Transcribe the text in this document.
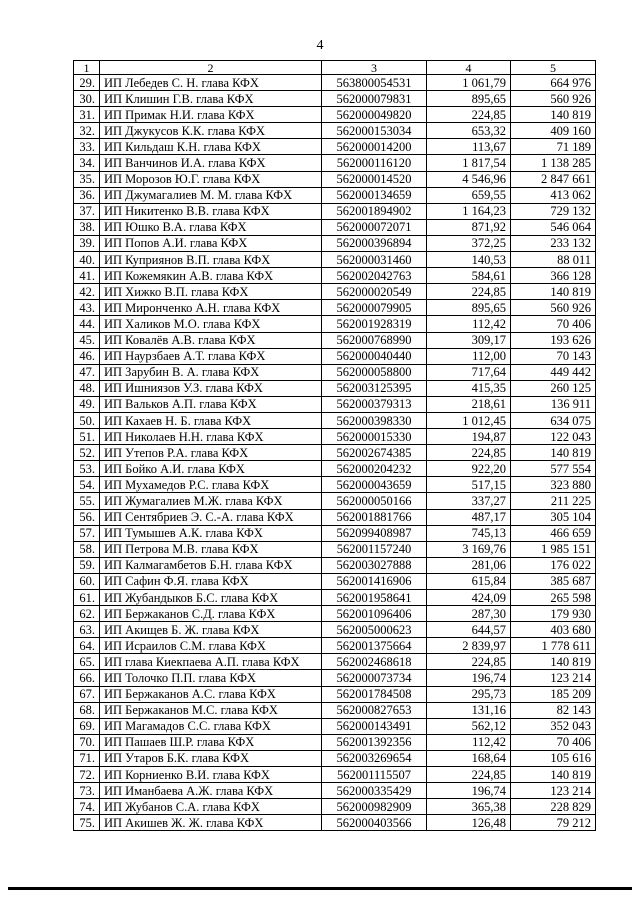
4
1	2	3	4	5
29.	ИП Лебедев С. Н. глава КФХ	563800054531	1 061,79	664 976
30.	ИП Клишин Г.В. глава КФХ	562000079831	895,65	560 926
31.	ИП Примак Н.И. глава КФХ	562000049820	224,85	140 819
32.	ИП Джукусов К.К. глава КФХ	562000153034	653,32	409 160
33.	ИП Кильдаш К.Н. глава КФХ	562000014200	113,67	71 189
34.	ИП Ванчинов И.А. глава КФХ	562000116120	1 817,54	1 138 285
35.	ИП Морозов Ю.Г. глава КФХ	562000014520	4 546,96	2 847 661
36.	ИП Джумагалиев М. М. глава КФХ	562000134659	659,55	413 062
37.	ИП Никитенко В.В. глава КФХ	562001894902	1 164,23	729 132
38.	ИП Юшко В.А. глава КФХ	562000072071	871,92	546 064
39.	ИП Попов А.И. глава КФХ	562000396894	372,25	233 132
40.	ИП Куприянов В.П. глава КФХ	562000031460	140,53	88 011
41.	ИП Кожемякин А.В. глава КФХ	562002042763	584,61	366 128
42.	ИП Хижко В.П. глава КФХ	562000020549	224,85	140 819
43.	ИП Миронченко А.Н. глава КФХ	562000079905	895,65	560 926
44.	ИП Халиков М.О. глава КФХ	562001928319	112,42	70 406
45.	ИП Ковалёв А.В. глава КФХ	562000768990	309,17	193 626
46.	ИП Наурзбаев А.Т. глава КФХ	562000040440	112,00	70 143
47.	ИП Зарубин В. А. глава КФХ	562000058800	717,64	449 442
48.	ИП Ишниязов У.З. глава КФХ	562003125395	415,35	260 125
49.	ИП Вальков А.П. глава КФХ	562000379313	218,61	136 911
50.	ИП Кахаев Н. Б. глава КФХ	562000398330	1 012,45	634 075
51.	ИП Николаев Н.Н. глава КФХ	562000015330	194,87	122 043
52.	ИП Утепов Р.А. глава КФХ	562002674385	224,85	140 819
53.	ИП Бойко А.И. глава КФХ	562000204232	922,20	577 554
54.	ИП Мухамедов Р.С. глава КФХ	562000043659	517,15	323 880
55.	ИП Жумагалиев М.Ж. глава КФХ	562000050166	337,27	211 225
56.	ИП Сентябриев Э. С.-А. глава КФХ	562001881766	487,17	305 104
57.	ИП Тумышев А.К. глава КФХ	562099408987	745,13	466 659
58.	ИП Петрова М.В. глава КФХ	562001157240	3 169,76	1 985 151
59.	ИП Калмагамбетов Б.Н. глава КФХ	562003027888	281,06	176 022
60.	ИП Сафин Ф.Я. глава КФХ	562001416906	615,84	385 687
61.	ИП Жубандыков Б.С. глава КФХ	562001958641	424,09	265 598
62.	ИП Бержаканов С.Д. глава КФХ	562001096406	287,30	179 930
63.	ИП Акищев Б. Ж. глава КФХ	562005000623	644,57	403 680
64.	ИП Исраилов С.М. глава КФХ	562001375664	2 839,97	1 778 611
65.	ИП глава Киекпаева А.П. глава КФХ	562002468618	224,85	140 819
66.	ИП Толочко П.П. глава КФХ	562000073734	196,74	123 214
67.	ИП Бержаканов А.С. глава КФХ	562001784508	295,73	185 209
68.	ИП Бержаканов М.С. глава КФХ	562000827653	131,16	82 143
69.	ИП Магамадов С.С. глава КФХ	562000143491	562,12	352 043
70.	ИП Пашаев Ш.Р. глава КФХ	562001392356	112,42	70 406
71.	ИП Утаров Б.К. глава КФХ	562003269654	168,64	105 616
72.	ИП Корниенко В.И. глава КФХ	562001115507	224,85	140 819
73.	ИП Иманбаева А.Ж. глава КФХ	562000335429	196,74	123 214
74.	ИП Жубанов С.А. глава КФХ	562000982909	365,38	228 829
75.	ИП Акишев Ж. Ж. глава КФХ	562000403566	126,48	79 212
